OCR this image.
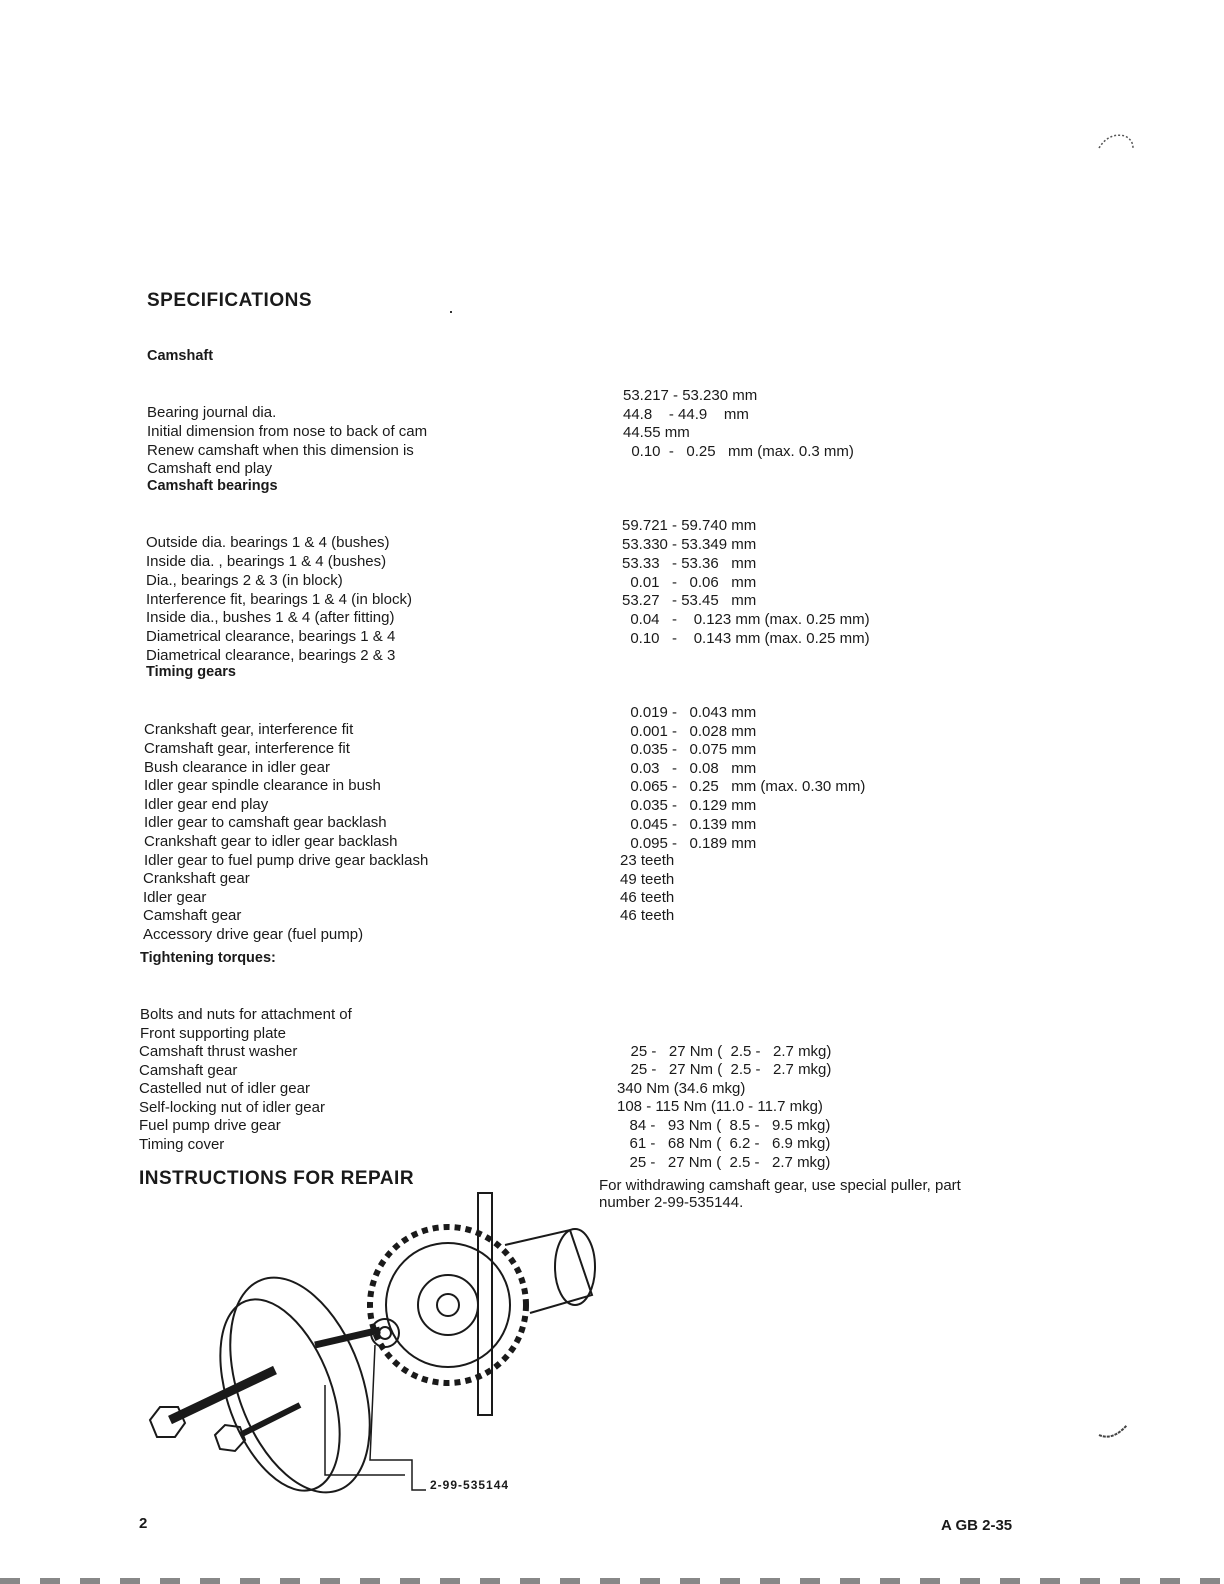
SPECIFICATIONS
Camshaft

Bearing journal dia.

53.217 - 53.230 mm

Initial dimension from nose to back of cam

44.8    - 44.9    mm

Renew camshaft when this dimension is

44.55 mm

Camshaft end play

0.10  -   0.25   mm (max. 0.3 mm)

Camshaft bearings

Outside dia. bearings 1 & 4 (bushes)

59.721 - 59.740 mm

Inside dia. , bearings 1 & 4 (bushes)

53.330 - 53.349 mm

Dia., bearings 2 & 3 (in block)

53.33   - 53.36   mm

Interference fit, bearings 1 & 4 (in block)

0.01   -   0.06   mm

Inside dia., bushes 1 & 4 (after fitting)

53.27   - 53.45   mm

Diametrical clearance, bearings 1 & 4

0.04   -    0.123 mm (max. 0.25 mm)

Diametrical clearance, bearings 2 & 3

0.10   -    0.143 mm (max. 0.25 mm)

Timing gears

Crankshaft gear, interference fit

0.019 -   0.043 mm

Cramshaft gear, interference fit

0.001 -   0.028 mm

Bush clearance in idler gear

0.035 -   0.075 mm

Idler gear spindle clearance in bush

0.03   -   0.08   mm

Idler gear end play

0.065 -   0.25   mm (max. 0.30 mm)

Idler gear to camshaft gear backlash

0.035 -   0.129 mm

Crankshaft gear to idler gear backlash

0.045 -   0.139 mm

Idler gear to fuel pump drive gear backlash

0.095 -   0.189 mm

Crankshaft gear

23 teeth

Idler gear

49 teeth

Camshaft gear

46 teeth

Accessory drive gear (fuel pump)

46 teeth

Tightening torques:

Bolts and nuts for attachment of

Front supporting plate

25 -   27 Nm (  2.5 -   2.7 mkg)

Camshaft thrust washer

25 -   27 Nm (  2.5 -   2.7 mkg)

Camshaft gear

340 Nm (34.6 mkg)

Castelled nut of idler gear

108 - 115 Nm (11.0 - 11.7 mkg)

Self-locking nut of idler gear

84 -   93 Nm (  8.5 -   9.5 mkg)

Fuel pump drive gear

61 -   68 Nm (  6.2 -   6.9 mkg)

Timing cover

25 -   27 Nm (  2.5 -   2.7 mkg)

INSTRUCTIONS FOR REPAIR	For withdrawing camshaft gear, use special puller, part number 2-99-535144.
2-99-535144
2	A GB 2-35
